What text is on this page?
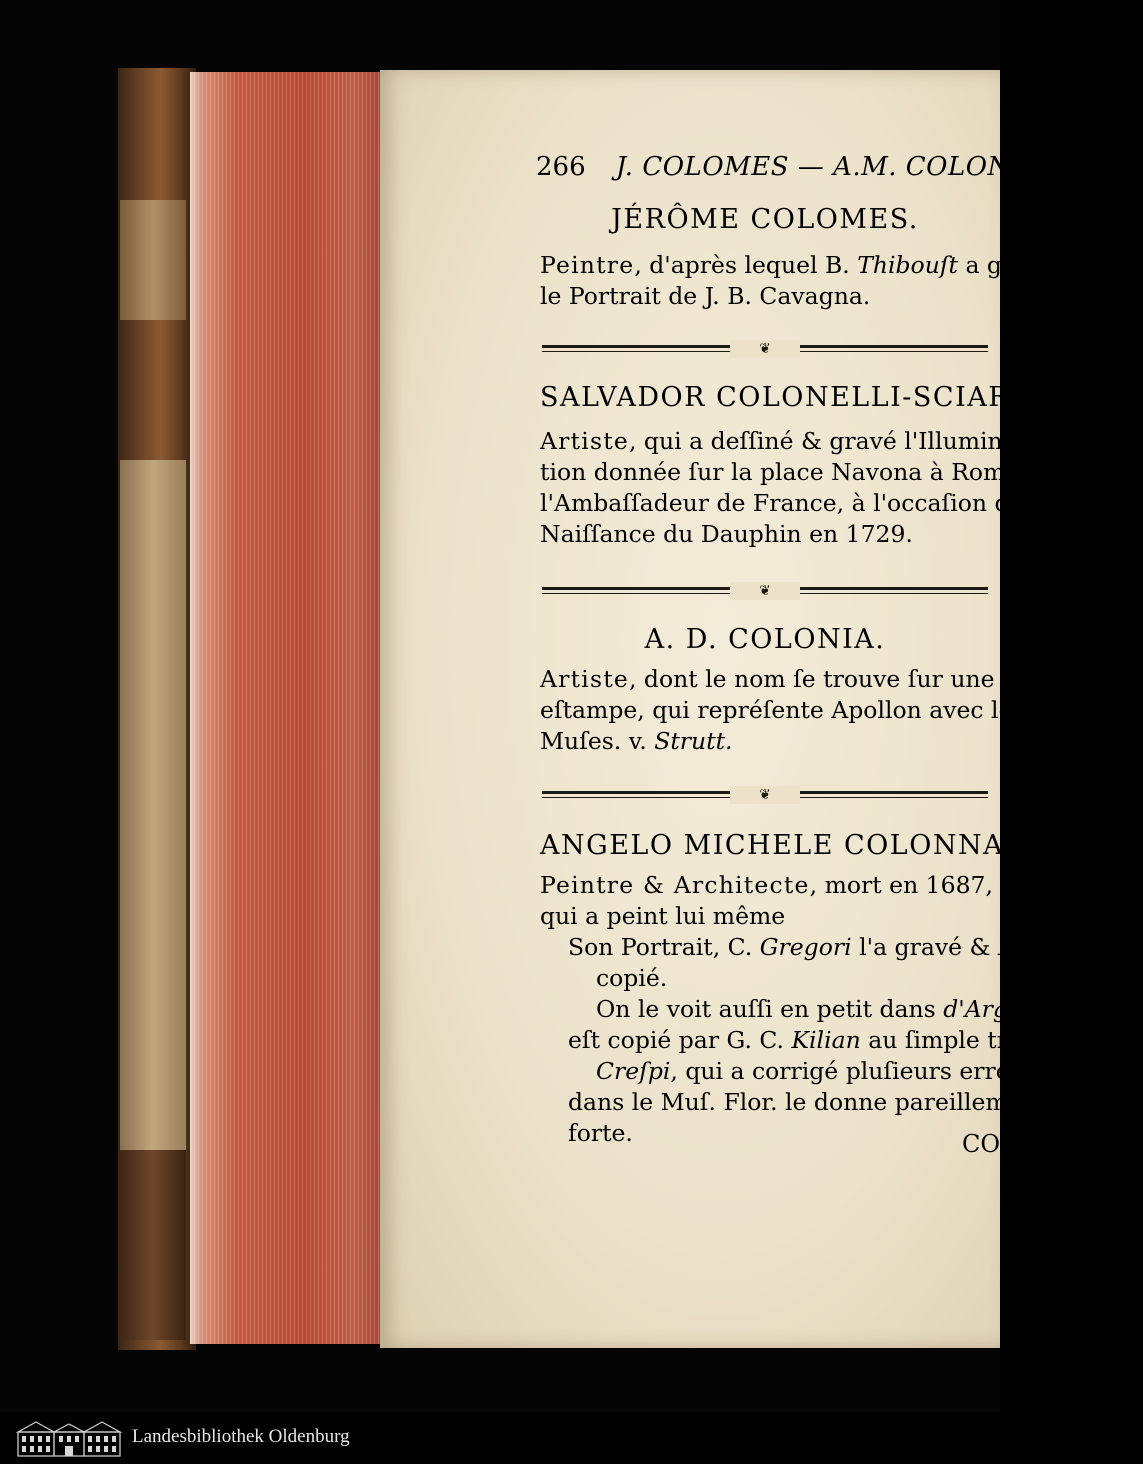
266 J. COLOMES — A.M. COLONNA.
JÉRÔME COLOMES.
Peintre, d'après lequel B. Thibouſt a gravé
le Portrait de J. B. Cavagna.
❦
SALVADOR COLONELLI-SCIARA.
Artiste, qui a deſſiné & gravé l'Illumina-
tion donnée ſur la place Navona à Rome par
l'Ambaſſadeur de France, à l'occaſion de la
Naiſſance du Dauphin en 1729.
❦
A. D. COLONIA.
Artiste, dont le nom ſe trouve ſur une
eſtampe, qui repréſente Apollon avec les
Muſes. v. Strutt.
❦
ANGELO MICHELE COLONNA.
Peintre & Architecte, mort en 1687,
qui a peint lui même
Son Portrait, C. Gregori l'a gravé & Eredi l'a
copié.
On le voit auſſi en petit dans d'Argenville qui
eſt copié par G. C. Kilian au ſimple trait.
Creſpi, qui a corrigé pluſieurs erreurs gliſſées
dans le Muſ. Flor. le donne pareillement à l'eau-
forte.	COL
Landesbibliothek Oldenburg
